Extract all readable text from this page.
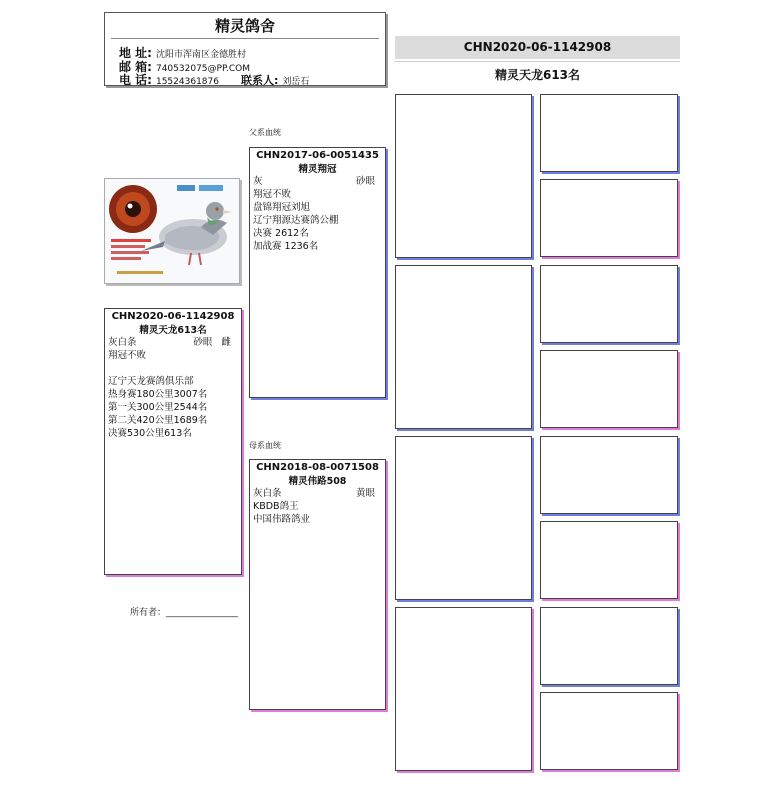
精灵鸽舍
地 址: 沈阳市浑南区金德胜村
邮 箱: 740532075@PP.COM
电 话: 15524361876 联系人: 刘岳石
CHN2020-06-1142908
精灵天龙613名
父系血统
母系血统
CHN2020-06-1142908
精灵天龙613名
灰白条	砂眼 雌
翔冠不败
辽宁天龙赛鸽俱乐部
热身赛180公里3007名
第一关300公里2544名
第二关420公里1689名
决赛530公里613名
所有者：________________
CHN2017-06-0051435
精灵翔冠
灰	砂眼
翔冠不败
盘锦翔冠刘旭
辽宁翔源达赛鸽公棚
决赛 2612名
加战赛 1236名
CHN2018-08-0071508
精灵伟路508
灰白条	黄眼
KBDB鸽王
中国伟路鸽业
